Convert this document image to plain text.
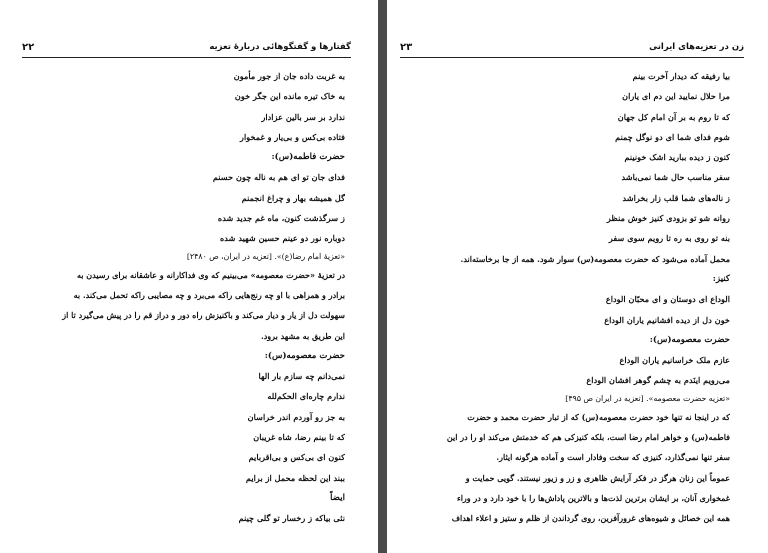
گفتارها و گفتگوهائی دربارهٔ تعزیه
۲۲
به غربت داده جان از جور مأمون
به خاک تیره مانده این جگر خون
ندارد بر سر بالین عزادار
فتاده بی‌کس و بی‌یار و غمخوار
حضرت فاطمه(س):
فدای جان تو ای هم به ناله چون حسنم
گل همیشه بهار و چراغ انجمنم
ز سرگذشت کنون، ماه غم جدید شده
دوباره نور دو عینم حسین شهید شده
«تعزیهٔ امام رضا(ع)». [تعزیه در ایران، ص ۲۴۸۰]
در تعزیهٔ «حضرت معصومه» می‌بینیم که وی فداکارانه و عاشقانه برای رسیدن به
برادر و همراهی با او چه رنج‌هایی راکه می‌برد و چه مصایبی راکه تحمل می‌کند. به
سهولت دل از یار و دیار می‌کند و باکنیزش راه دور و دراز قم را در پیش می‌گیرد تا از
این طریق به مشهد برود.
حضرت معصومه(س):
نمی‌دانم چه سازم بار الها
ندارم چاره‌ای الحکم‌لله
به جز رو آوردم اندر خراسان
که تا بینم رضا، شاه غریبان
کنون ای بی‌کس و بی‌اقربایم
ببند این لحظه محمل از برایم
ایضاً
نثی بیاکه ز رخسار تو گلی چینم
زن در تعزیه‌های ایرانی
۲۳
بیا رفیقه که دیدار آخرت بینم
مرا حلال نمایید این دم ای یاران
که تا روم به بر آن امام کل جهان
شوم فدای شما ای دو نوگل چمنم
کنون ز دیده ببارید اشک خونینم
سفر مناسب حال شما نمی‌باشد
ز ناله‌های شما قلب زار بخراشد
روانه شو تو بزودی کنیز خوش منظر
بنه تو روی به ره تا رویم سوی سفر
محمل آماده می‌شود که حضرت معصومه(س) سوار شود. همه از جا برخاسته‌اند.
کنیز:
الوداع ای دوستان و ای محبّان الوداع
خون دل از دیده افشانیم یاران الوداع
حضرت معصومه(س):
عازم ملک خراسانیم یاران الوداع
می‌رویم اینَدم به چشم گوهر افشان الوداع
«تعزیه حضرت معصومه». [تعزیه در ایران ص ۴۹۵]
که در اینجا نه تنها خود حضرت معصومه(س) که از تبار حضرت محمد و حضرت
فاطمه(س) و خواهر امام رضا است، بلکه کنیزکی هم که خدمتش می‌کند او را در این
سفر تنها نمی‌گذارد، کنیزی که سخت وفادار است و آماده هرگونه ایثار.
عموماً این زنان هرگز در فکر آرایش ظاهری و زر و زیور نیستند. گویی حمایت و
غمخواری آنان، بر ایشان برترین لذت‌ها و بالاترین پاداش‌ها را با خود دارد و در وراء
همه این خصائل و شیوه‌های غرورآفرین، روی گرداندن از ظلم و ستیز و اعلاء اهداف
